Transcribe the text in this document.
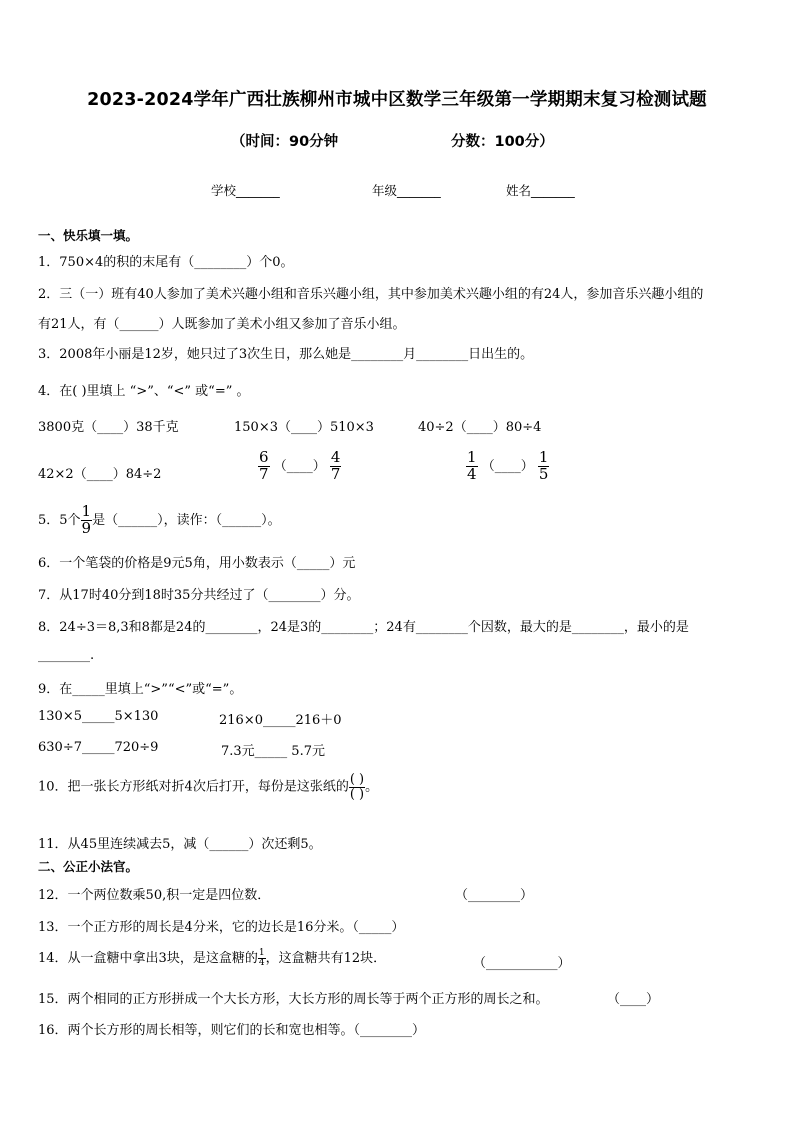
2023-2024学年广西壮族柳州市城中区数学三年级第一学期期末复习检测试题
（时间：90分钟	分数：100分）
学校_______	年级_______	姓名_______
一、快乐填一填。
1．750×4的积的末尾有（________）个0。
2．三（一）班有40人参加了美术兴趣小组和音乐兴趣小组，其中参加美术兴趣小组的有24人，参加音乐兴趣小组的
有21人，有（______）人既参加了美术小组又参加了音乐小组。
3．2008年小丽是12岁，她只过了3次生日，那么她是________月________日出生的。
4．在( )里填上 “>”、“<” 或“=” 。
3800克（____）38千克	150×3（____）510×3	40÷2（____）80÷4
42×2（____）84÷2	$\frac{6}{7}$ （____） $\frac{4}{7}$	$\frac{1}{4}$ （____） $\frac{1}{5}$
5．5个 $\frac{1}{9}$ 是（______），读作：（______）。
6．一个笔袋的价格是9元5角，用小数表示（_____）元
7．从17时40分到18时35分共经过了（________）分。
8．24÷3＝8,3和8都是24的________，24是3的________；24有________个因数，最大的是________，最小的是
________.
9．在_____里填上“>”“<”或“=”。
130×5_____5×130	216×0_____216＋0
630÷7_____720÷9	7.3元_____ 5.7元
10．把一张长方形纸对折4次后打开，每份是这张纸的 $\frac{( )}{( )}$ 。
11．从45里连续减去5，减（______）次还剩5。
二、公正小法官。
12．一个两位数乘50,积一定是四位数．	（________）
13．一个正方形的周长是4分米，它的边长是16分米。（_____）
14．从一盒糖中拿出3块，是这盒糖的 $\frac{1}{4}$ ，这盒糖共有12块．	（___________）
15．两个相同的正方形拼成一个大长方形，大长方形的周长等于两个正方形的周长之和。	（____）
16．两个长方形的周长相等，则它们的长和宽也相等。（________）
